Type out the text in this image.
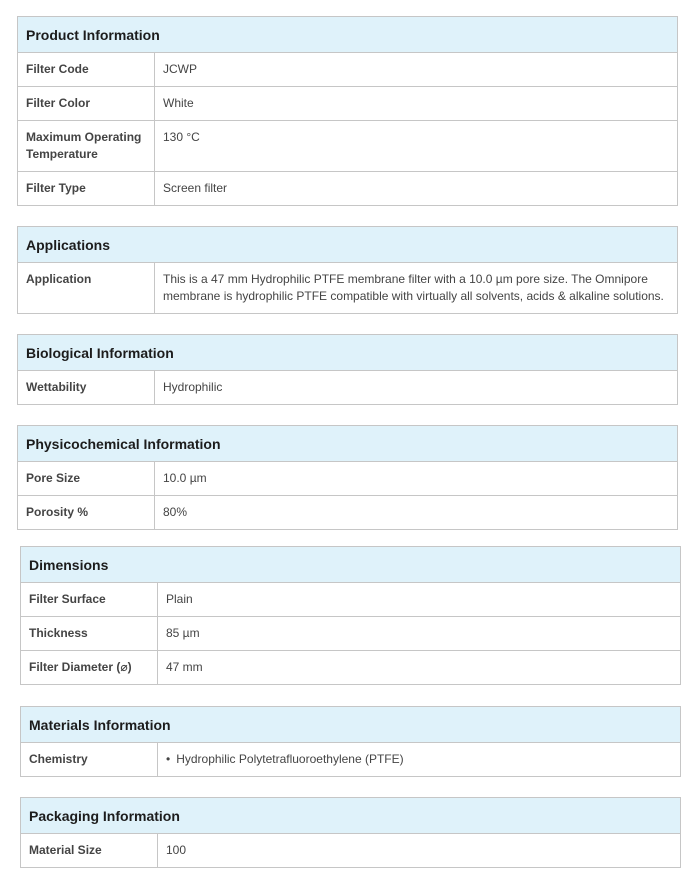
Product Information	
Filter Code	JCWP
Filter Color	White
Maximum Operating Temperature	130 °C
Filter Type	Screen filter
Applications
Application	This is a 47 mm Hydrophilic PTFE membrane filter with a 10.0 µm pore size. The Omnipore membrane is hydrophilic PTFE compatible with virtually all solvents, acids & alkaline solutions.
Biological Information
Wettability	Hydrophilic
Physicochemical Information	
Pore Size	10.0 µm
Porosity %	80%
Dimensions	
Filter Surface	Plain
Thickness	85 µm
Filter Diameter (⌀)	47 mm
Materials Information
Chemistry	• Hydrophilic Polytetrafluoroethylene (PTFE)
Packaging Information
Material Size	100
